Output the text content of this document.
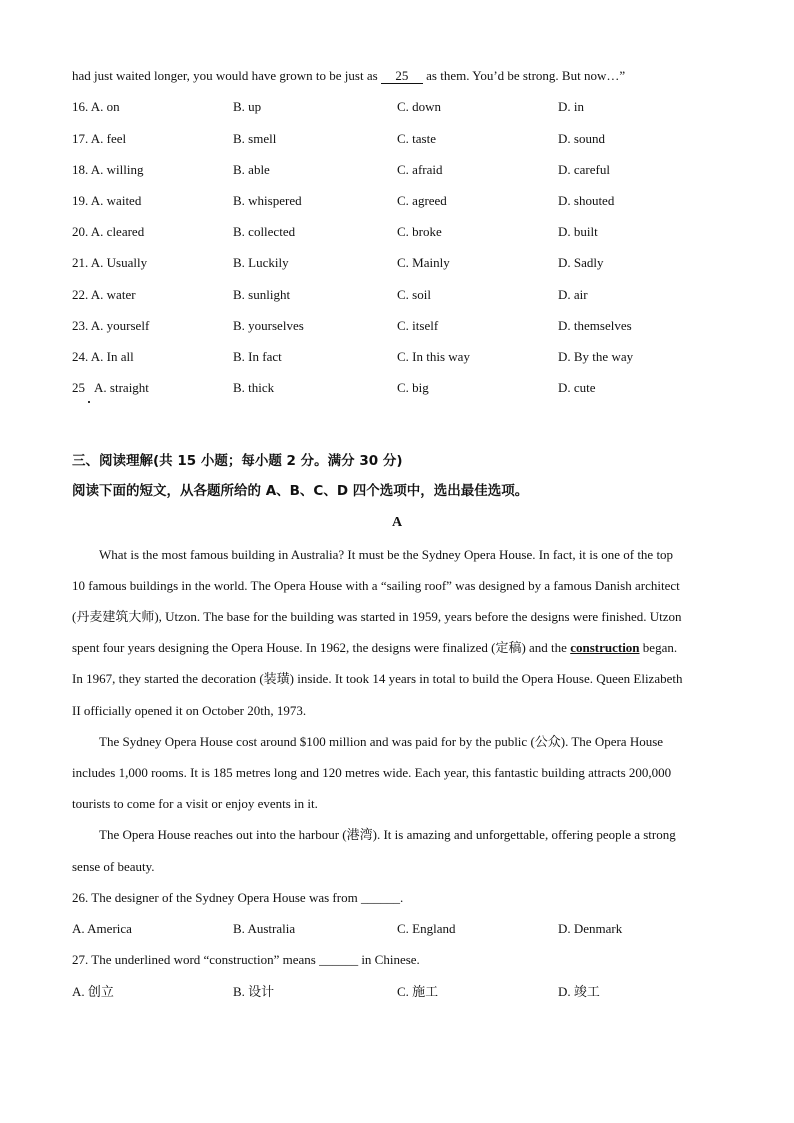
had just waited longer, you would have grown to be just as 25 as them. You’d be strong. But now…”
16. A. on	B. up	C. down	D. in
17. A. feel	B. smell	C. taste	D. sound
18. A. willing	B. able	C. afraid	D. careful
19. A. waited	B. whispered	C. agreed	D. shouted
20. A. cleared	B. collected	C. broke	D. built
21. A. Usually	B. Luckily	C. Mainly	D. Sadly
22. A. water	B. sunlight	C. soil	D. air
23. A. yourself	B. yourselves	C. itself	D. themselves
24. A. In all	B. In fact	C. In this way	D. By the way
25   A. straight	B. thick	C. big	D. cute
三、阅读理解(共 15 小题；每小题 2 分。满分 30 分)
阅读下面的短文，从各题所给的 A、B、C、D 四个选项中，选出最佳选项。
A
What is the most famous building in Australia? It must be the Sydney Opera House. In fact, it is one of the top
10 famous buildings in the world. The Opera House with a “sailing roof” was designed by a famous Danish architect
(丹麦建筑大师), Utzon. The base for the building was started in 1959, years before the designs were finished. Utzon
spent four years designing the Opera House. In 1962, the designs were finalized (定稿) and the construction began.
In 1967, they started the decoration (装璜) inside. It took 14 years in total to build the Opera House. Queen Elizabeth
II officially opened it on October 20th, 1973.
The Sydney Opera House cost around $100 million and was paid for by the public (公众). The Opera House
includes 1,000 rooms. It is 185 metres long and 120 metres wide. Each year, this fantastic building attracts 200,000
tourists to come for a visit or enjoy events in it.
The Opera House reaches out into the harbour (港湾). It is amazing and unforgettable, offering people a strong
sense of beauty.
26. The designer of the Sydney Opera House was from ______.
A. America	B. Australia	C. England	D. Denmark
27. The underlined word “construction” means ______ in Chinese.
A. 创立	B. 设计	C. 施工	D. 竣工
